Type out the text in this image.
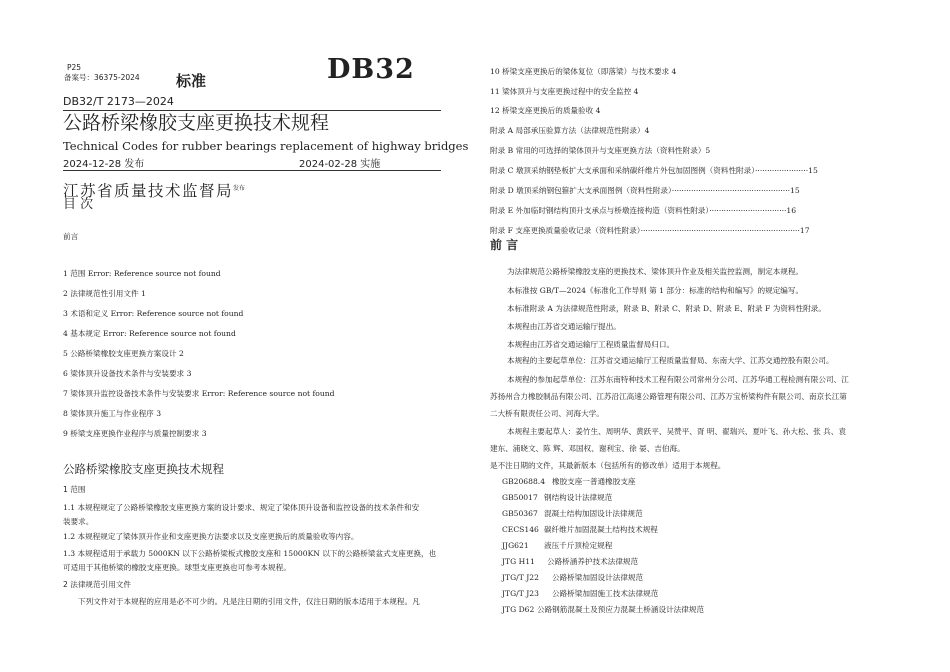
P25
备案号：36375-2024 标准	DB32
DB32/T 2173—2024
公路桥梁橡胶支座更换技术规程
Technical Codes for rubber bearings replacement of highway bridges
2024-12-28 发布	2024-02-28 实施
江苏省质量技术监督局$^{发布}$
目 次
前言
1 范围 Error: Reference source not found
2 法律规范性引用文件 1
3 术语和定义 Error: Reference source not found
4 基本规定 Error: Reference source not found
5 公路桥梁橡胶支座更换方案设计 2
6 梁体顶升设备技术条件与安装要求 3
7 梁体顶升监控设备技术条件与安装要求 Error: Reference source not found
8 梁体顶升施工与作业程序 3
9 桥梁支座更换作业程序与质量控制要求 3
公路桥梁橡胶支座更换技术规程
1 范围
1.1 本规程规定了公路桥梁橡胶支座更换方案的设计要求、规定了梁体顶升设备和监控设备的技术条件和安
装要求。
1.2 本规程规定了梁体顶升作业和支座更换方法要求以及支座更换后的质量验收等内容。
1.3 本规程适用于承载力 5000KN 以下公路桥梁板式橡胶支座和 15000KN 以下的公路桥梁盆式支座更换，也
可适用于其他桥梁的橡胶支座更换。球型支座更换也可参考本规程。
2 法律规范引用文件
下列文件对于本规程的应用是必不可少的。凡是注日期的引用文件，仅注日期的版本适用于本规程。凡
10 桥梁支座更换后的梁体复位（即落梁）与技术要求 4
11 梁体顶升与支座更换过程中的安全监控 4
12 桥梁支座更换后的质量验收 4
附录 A 局部承压验算方法（法律规范性附录）4
附录 B 常用的可选择的梁体顶升与支座更换方法（资料性附录）5
附录 C 墩顶采纳钢垫板扩大支承面和采纳碳纤维片外包加固图例（资料性附录）······················15
附录 D 墩顶采纳钢包箍扩大支承面图例（资料性附录）·················································15
附录 E 外加临时钢结构顶升支承点与桥墩连接构造（资料性附录）································16
附录 F 支座更换质量验收记录（资料性附录）··································································17
前 言
为法律规范公路桥梁橡胶支座的更换技术、梁体顶升作业及相关监控监测，制定本规程。
本标准按 GB/T—2024《标准化工作导则 第 1 部分：标准的结构和编写》的规定编写。
本标准附录 A 为法律规范性附录，附录 B、附录 C、附录 D、附录 E、附录 F 为资料性附录。
本规程由江苏省交通运输厅提出。
本规程由江苏省交通运输厅工程质量监督局归口。
本规程的主要起草单位：江苏省交通运输厅工程质量监督局、东南大学、江苏交通控股有限公司。
本规程的参加起草单位：江苏东南特种技术工程有限公司常州分公司、江苏华通工程检测有限公司、江
苏扬州合力橡胶制品有限公司、江苏沿江高速公路管理有限公司、江苏万宝桥梁构件有限公司、南京长江第
二大桥有限责任公司、河海大学。
本规程主要起草人：姜竹生、周明华、黄跃平、吴赞平、胥 明、翟瑞兴、夏叶飞、孙大松、张 兵、袁
建东、浦晓文、陈 辉、邓国权、谢利宝、徐 晏、吉伯海。
是不注日期的文件，其最新版本（包括所有的修改单）适用于本规程。
GB20688.4 橡胶支座一普通橡胶支座
GB50017 钢结构设计法律规范
GB50367 混凝土结构加固设计法律规范
CECS146 碳纤维片加固混凝土结构技术规程
JJG621 液压千斤顶检定规程
JTG H11 公路桥涵养护技术法律规范
JTG/T J22 公路桥梁加固设计法律规范
JTG/T J23 公路桥梁加固施工技术法律规范
JTG D62 公路钢筋混凝土及预应力混凝土桥涵设计法律规范
